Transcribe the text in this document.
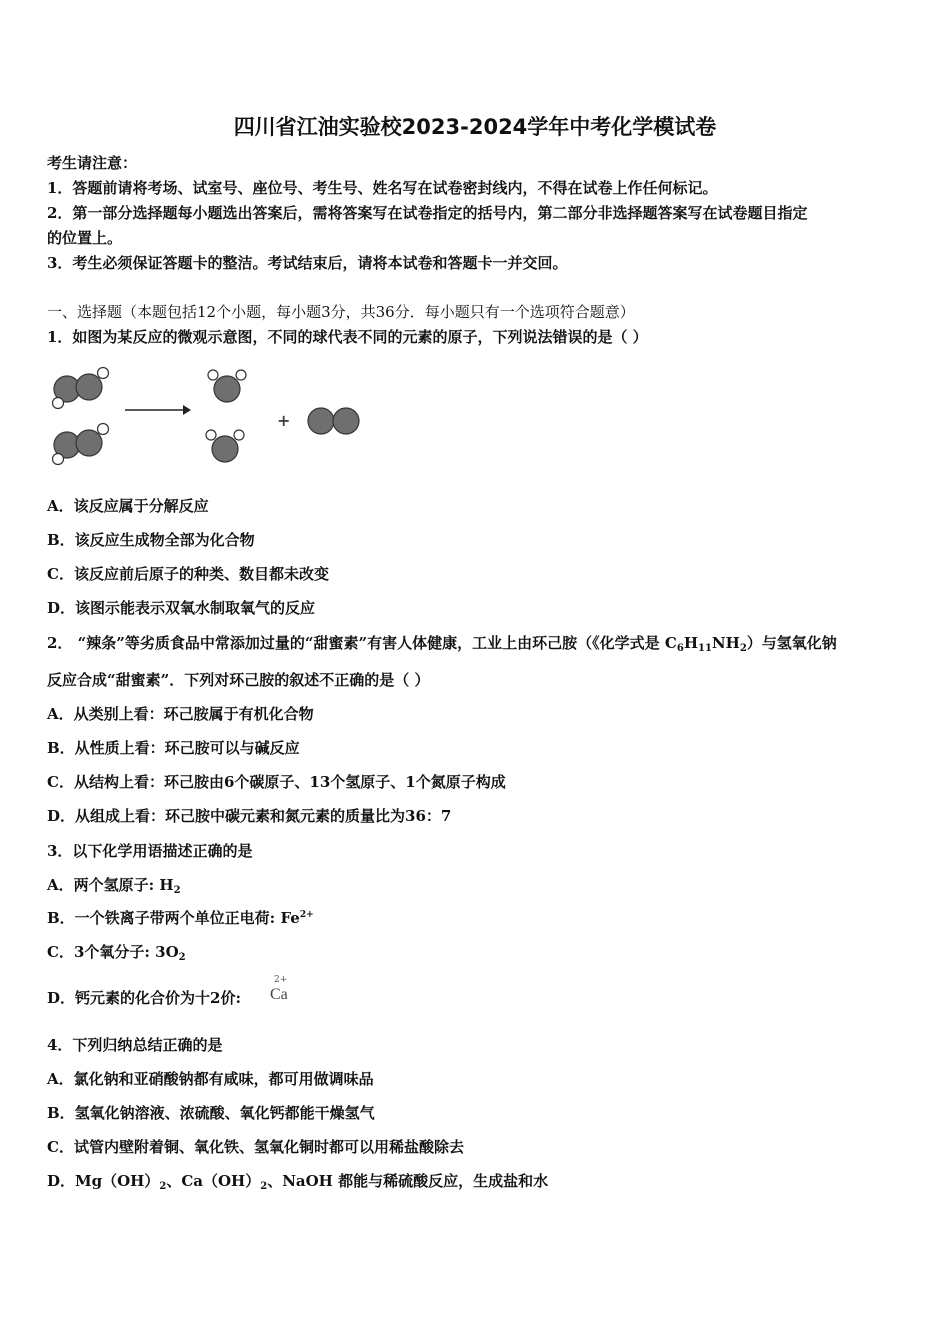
四川省江油实验校2023-2024学年中考化学模试卷
考生请注意：
1．答题前请将考场、试室号、座位号、考生号、姓名写在试卷密封线内，不得在试卷上作任何标记。
2．第一部分选择题每小题选出答案后，需将答案写在试卷指定的括号内，第二部分非选择题答案写在试卷题目指定
的位置上。
3．考生必须保证答题卡的整洁。考试结束后，请将本试卷和答题卡一并交回。
一、选择题（本题包括12个小题，每小题3分，共36分．每小题只有一个选项符合题意）
1．如图为某反应的微观示意图，不同的球代表不同的元素的原子，下列说法错误的是（ ）
+
A．该反应属于分解反应
B．该反应生成物全部为化合物
C．该反应前后原子的种类、数目都未改变
D．该图示能表示双氧水制取氧气的反应
2． “辣条”等劣质食品中常添加过量的“甜蜜素”有害人体健康，工业上由环己胺（《化学式是 $C_6H_{11}NH_2$）与氢氧化钠
反应合成“甜蜜素”．下列对环己胺的叙述不正确的是（ ）
A．从类别上看：环己胺属于有机化合物
B．从性质上看：环己胺可以与碱反应
C．从结构上看：环己胺由6个碳原子、13个氢原子、1个氮原子构成
D．从组成上看：环己胺中碳元素和氮元素的质量比为36：7
3．以下化学用语描述正确的是
A．两个氢原子: $H_2$
B．一个铁离子带两个单位正电荷: $Fe^{2+}$
C．3个氧分子: $3O_2$
D．钙元素的化合价为十2价:
2+
Ca
4．下列归纳总结正确的是
A．氯化钠和亚硝酸钠都有咸味，都可用做调味品
B．氢氧化钠溶液、浓硫酸、氧化钙都能干燥氢气
C．试管内壁附着铜、氧化铁、氢氧化铜时都可以用稀盐酸除去
D．$Mg(OH)_2$、$Ca(OH)_2$、NaOH 都能与稀硫酸反应，生成盐和水
